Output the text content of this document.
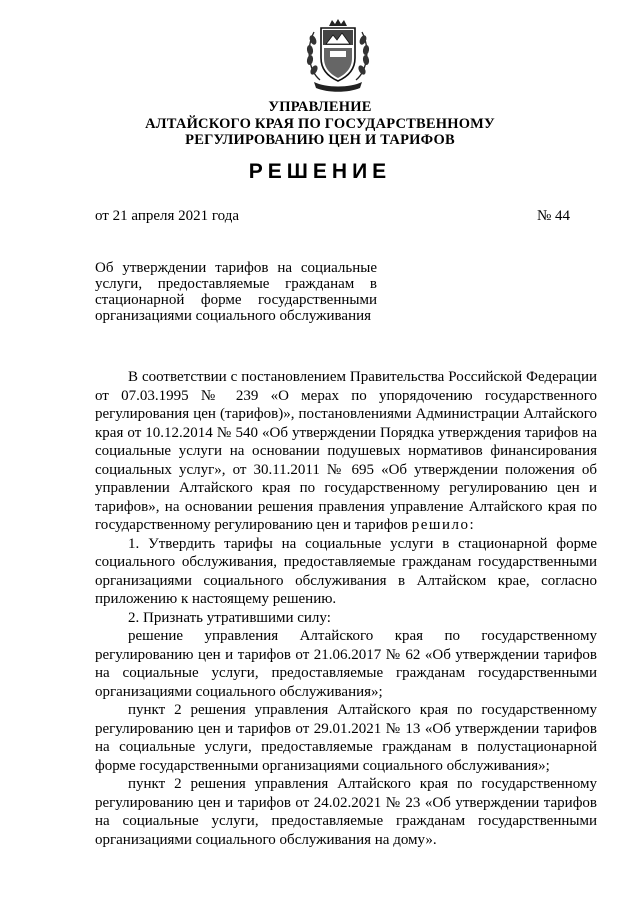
УПРАВЛЕНИЕ
АЛТАЙСКОГО КРАЯ ПО ГОСУДАРСТВЕННОМУ
РЕГУЛИРОВАНИЮ ЦЕН И ТАРИФОВ
РЕШЕНИЕ
от 21 апреля 2021 года	№ 44
Об утверждении тарифов на социальные услуги, предоставляемые гражданам в стационарной форме государственными организациями социального обслуживания

В соответствии с постановлением Правительства Российской Федерации от 07.03.1995 № 239 «О мерах по упорядочению государственного регулирования цен (тарифов)», постановлениями Администрации Алтайского края от 10.12.2014 № 540 «Об утверждении Порядка утверждения тарифов на социальные услуги на основании подушевых нормативов финансирования социальных услуг», от 30.11.2011 № 695 «Об утверждении положения об управлении Алтайского края по государственному регулированию цен и тарифов», на основании решения правления управление Алтайского края по государственному регулированию цен и тарифов решило:

1. Утвердить тарифы на социальные услуги в стационарной форме социального обслуживания, предоставляемые гражданам государственными организациями социального обслуживания в Алтайском крае, согласно приложению к настоящему решению.

2. Признать утратившими силу:

решение управления Алтайского края по государственному регулированию цен и тарифов от 21.06.2017 № 62 «Об утверждении тарифов на социальные услуги, предоставляемые гражданам государственными организациями социального обслуживания»;

пункт 2 решения управления Алтайского края по государственному регулированию цен и тарифов от 29.01.2021 № 13 «Об утверждении тарифов на социальные услуги, предоставляемые гражданам в полустационарной форме государственными организациями социального обслуживания»;

пункт 2 решения управления Алтайского края по государственному регулированию цен и тарифов от 24.02.2021 № 23 «Об утверждении тарифов на социальные услуги, предоставляемые гражданам государственными организациями социального обслуживания на дому».
